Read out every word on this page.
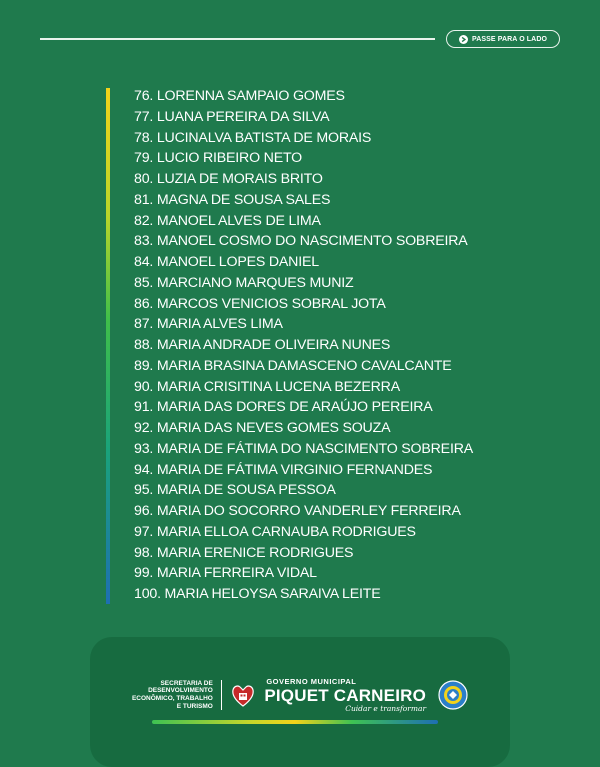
PASSE PARA O LADO
76. LORENNA SAMPAIO GOMES
77. LUANA PEREIRA DA SILVA
78. LUCINALVA BATISTA DE MORAIS
79. LUCIO RIBEIRO NETO
80. LUZIA DE MORAIS BRITO
81. MAGNA DE SOUSA SALES
82. MANOEL ALVES DE LIMA
83. MANOEL COSMO DO NASCIMENTO SOBREIRA
84. MANOEL LOPES DANIEL
85. MARCIANO MARQUES MUNIZ
86. MARCOS VENICIOS SOBRAL JOTA
87. MARIA ALVES LIMA
88. MARIA ANDRADE OLIVEIRA NUNES
89. MARIA BRASINA DAMASCENO CAVALCANTE
90. MARIA CRISITINA LUCENA BEZERRA
91. MARIA DAS DORES DE ARAÚJO PEREIRA
92. MARIA DAS NEVES GOMES SOUZA
93. MARIA DE FÁTIMA DO NASCIMENTO SOBREIRA
94. MARIA DE FÁTIMA VIRGINIO FERNANDES
95. MARIA DE SOUSA PESSOA
96. MARIA DO SOCORRO VANDERLEY FERREIRA
97. MARIA ELLOA CARNAUBA RODRIGUES
98. MARIA ERENICE RODRIGUES
99. MARIA FERREIRA VIDAL
100. MARIA HELOYSA SARAIVA LEITE
SECRETARIA DE
DESENVOLVIMENTO
ECONÔMICO, TRABALHO
E TURISMO
GOVERNO MUNICIPAL
PIQUET CARNEIRO
Cuidar e transformar
